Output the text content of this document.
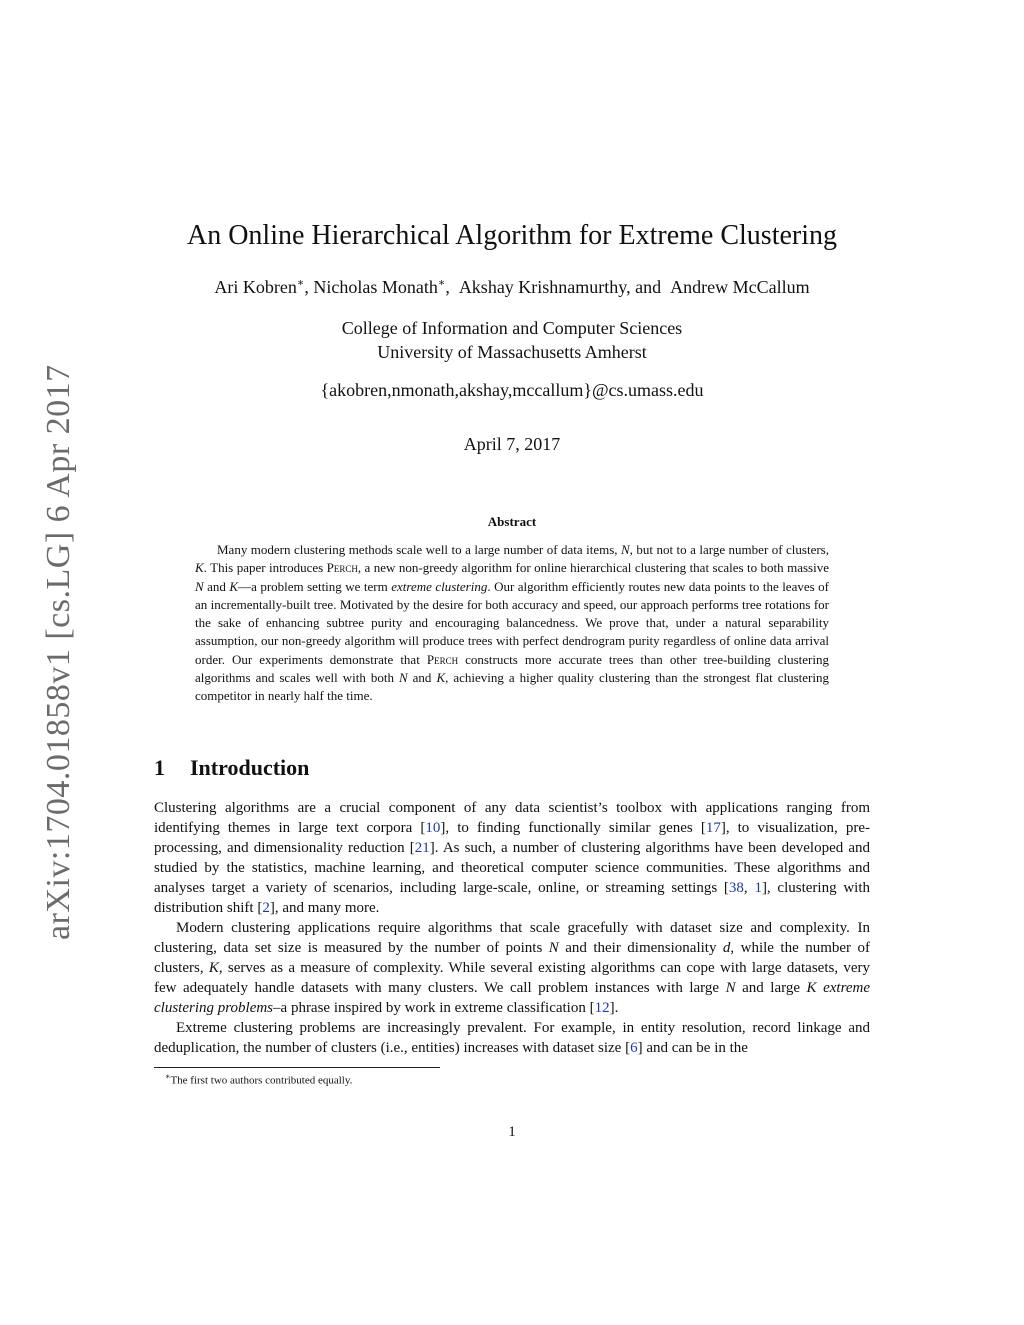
arXiv:1704.01858v1 [cs.LG] 6 Apr 2017
An Online Hierarchical Algorithm for Extreme Clustering
Ari Kobren∗, Nicholas Monath∗,  Akshay Krishnamurthy, and Andrew McCallum
College of Information and Computer Sciences
University of Massachusetts Amherst
{akobren,nmonath,akshay,mccallum}@cs.umass.edu
April 7, 2017
Abstract
Many modern clustering methods scale well to a large number of data items, N, but not to a large number of clusters, K. This paper introduces Perch, a new non-greedy algorithm for online hierarchical clustering that scales to both massive N and K—a problem setting we term extreme clustering. Our algorithm efficiently routes new data points to the leaves of an incrementally-built tree. Motivated by the desire for both accuracy and speed, our approach performs tree rotations for the sake of enhancing subtree purity and encouraging balancedness. We prove that, under a natural separability assumption, our non-greedy algorithm will produce trees with perfect dendrogram purity regardless of online data arrival order. Our experiments demonstrate that Perch constructs more accurate trees than other tree-building clustering algorithms and scales well with both N and K, achieving a higher quality clustering than the strongest flat clustering competitor in nearly half the time.
1 Introduction

Clustering algorithms are a crucial component of any data scientist’s toolbox with applications ranging from identifying themes in large text corpora [10], to finding functionally similar genes [17], to visualization, pre-processing, and dimensionality reduction [21]. As such, a number of clustering algorithms have been developed and studied by the statistics, machine learning, and theoretical computer science communities. These algorithms and analyses target a variety of scenarios, including large-scale, online, or streaming settings [38, 1], clustering with distribution shift [2], and many more.

Modern clustering applications require algorithms that scale gracefully with dataset size and complexity. In clustering, data set size is measured by the number of points N and their dimensionality d, while the number of clusters, K, serves as a measure of complexity. While several existing algorithms can cope with large datasets, very few adequately handle datasets with many clusters. We call problem instances with large N and large K extreme clustering problems–a phrase inspired by work in extreme classification [12].

Extreme clustering problems are increasingly prevalent. For example, in entity resolution, record linkage and deduplication, the number of clusters (i.e., entities) increases with dataset size [6] and can be in the

∗The first two authors contributed equally.
1
